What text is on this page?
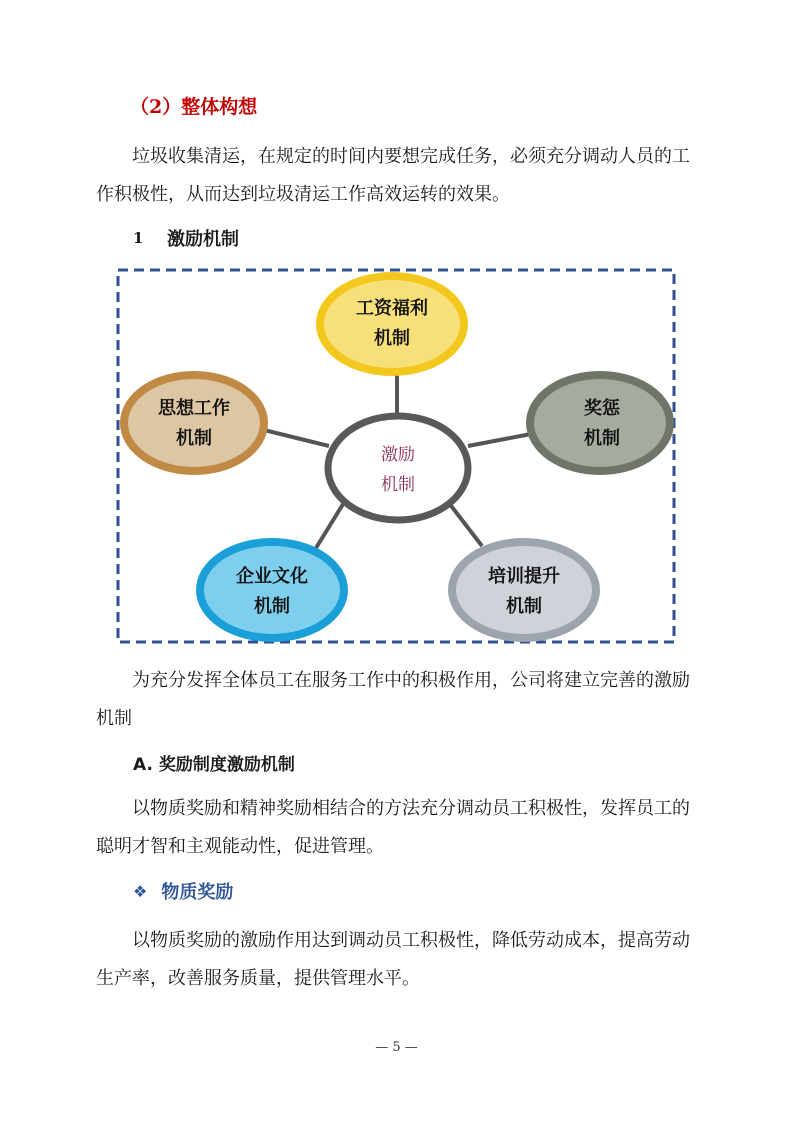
（2）整体构想

垃圾收集清运，在规定的时间内要想完成任务，必须充分调动人员的工作积极性，从而达到垃圾清运工作高效运转的效果。

1	激励机制
激励
机制
工资福利
机制
思想工作
机制
奖惩
机制
企业文化
机制
培训提升
机制

为充分发挥全体员工在服务工作中的积极作用，公司将建立完善的激励机制

A. 奖励制度激励机制

以物质奖励和精神奖励相结合的方法充分调动员工积极性，发挥员工的聪明才智和主观能动性，促进管理。

❖ 物质奖励

以物质奖励的激励作用达到调动员工积极性，降低劳动成本，提高劳动生产率，改善服务质量，提供管理水平。

— 5 —
